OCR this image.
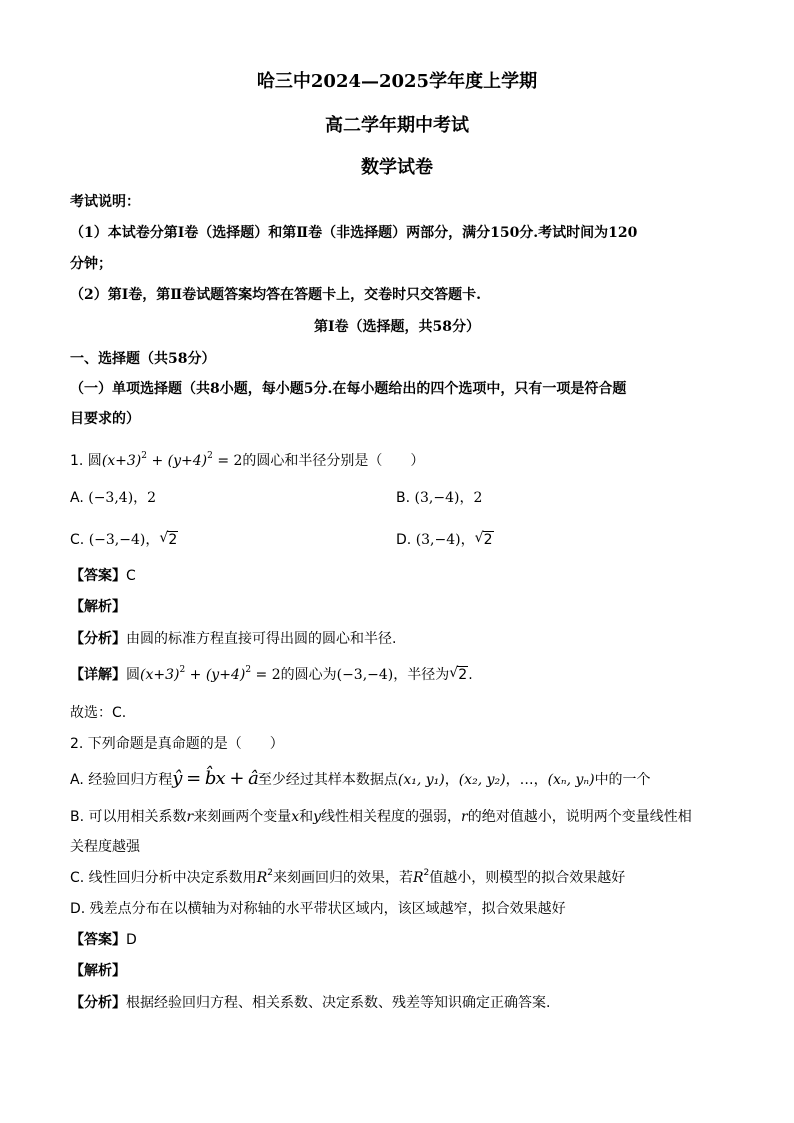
哈三中2024—2025学年度上学期
高二学年期中考试
数学试卷
考试说明：
（1）本试卷分第Ⅰ卷（选择题）和第Ⅱ卷（非选择题）两部分，满分150分.考试时间为120
分钟；
（2）第Ⅰ卷，第Ⅱ卷试题答案均答在答题卡上，交卷时只交答题卡.
第Ⅰ卷（选择题，共58分）
一、选择题（共58分）
（一）单项选择题（共8小题，每小题5分.在每小题给出的四个选项中，只有一项是符合题
目要求的）
1. 圆$(x+3)^2 + (y+4)^2 = 2$的圆心和半径分别是（　　）
A. (−3,4)，2	B. (3,−4)，2
C. (−3,−4)， √ 2	D. (3,−4)， √ 2
【答案】C
【解析】
【分析】由圆的标准方程直接可得出圆的圆心和半径.
【详解】圆$(x+3)^2 + (y+4)^2 = 2$的圆心为(−3,−4)，半径为 √ 2.
故选：C.
2. 下列命题是真命题的是（　　）
A. 经验回归方程ŷ = b̂x + â至少经过其样本数据点(x₁, y₁)，(x₂, y₂)，…，(xₙ, yₙ)中的一个
B. 可以用相关系数r来刻画两个变量x和y线性相关程度的强弱，r的绝对值越小，说明两个变量线性相
关程度越强
C. 线性回归分析中决定系数用$R^2$来刻画回归的效果，若$R^2$值越小，则模型的拟合效果越好
D. 残差点分布在以横轴为对称轴的水平带状区域内，该区域越窄，拟合效果越好
【答案】D
【解析】
【分析】根据经验回归方程、相关系数、决定系数、残差等知识确定正确答案.
